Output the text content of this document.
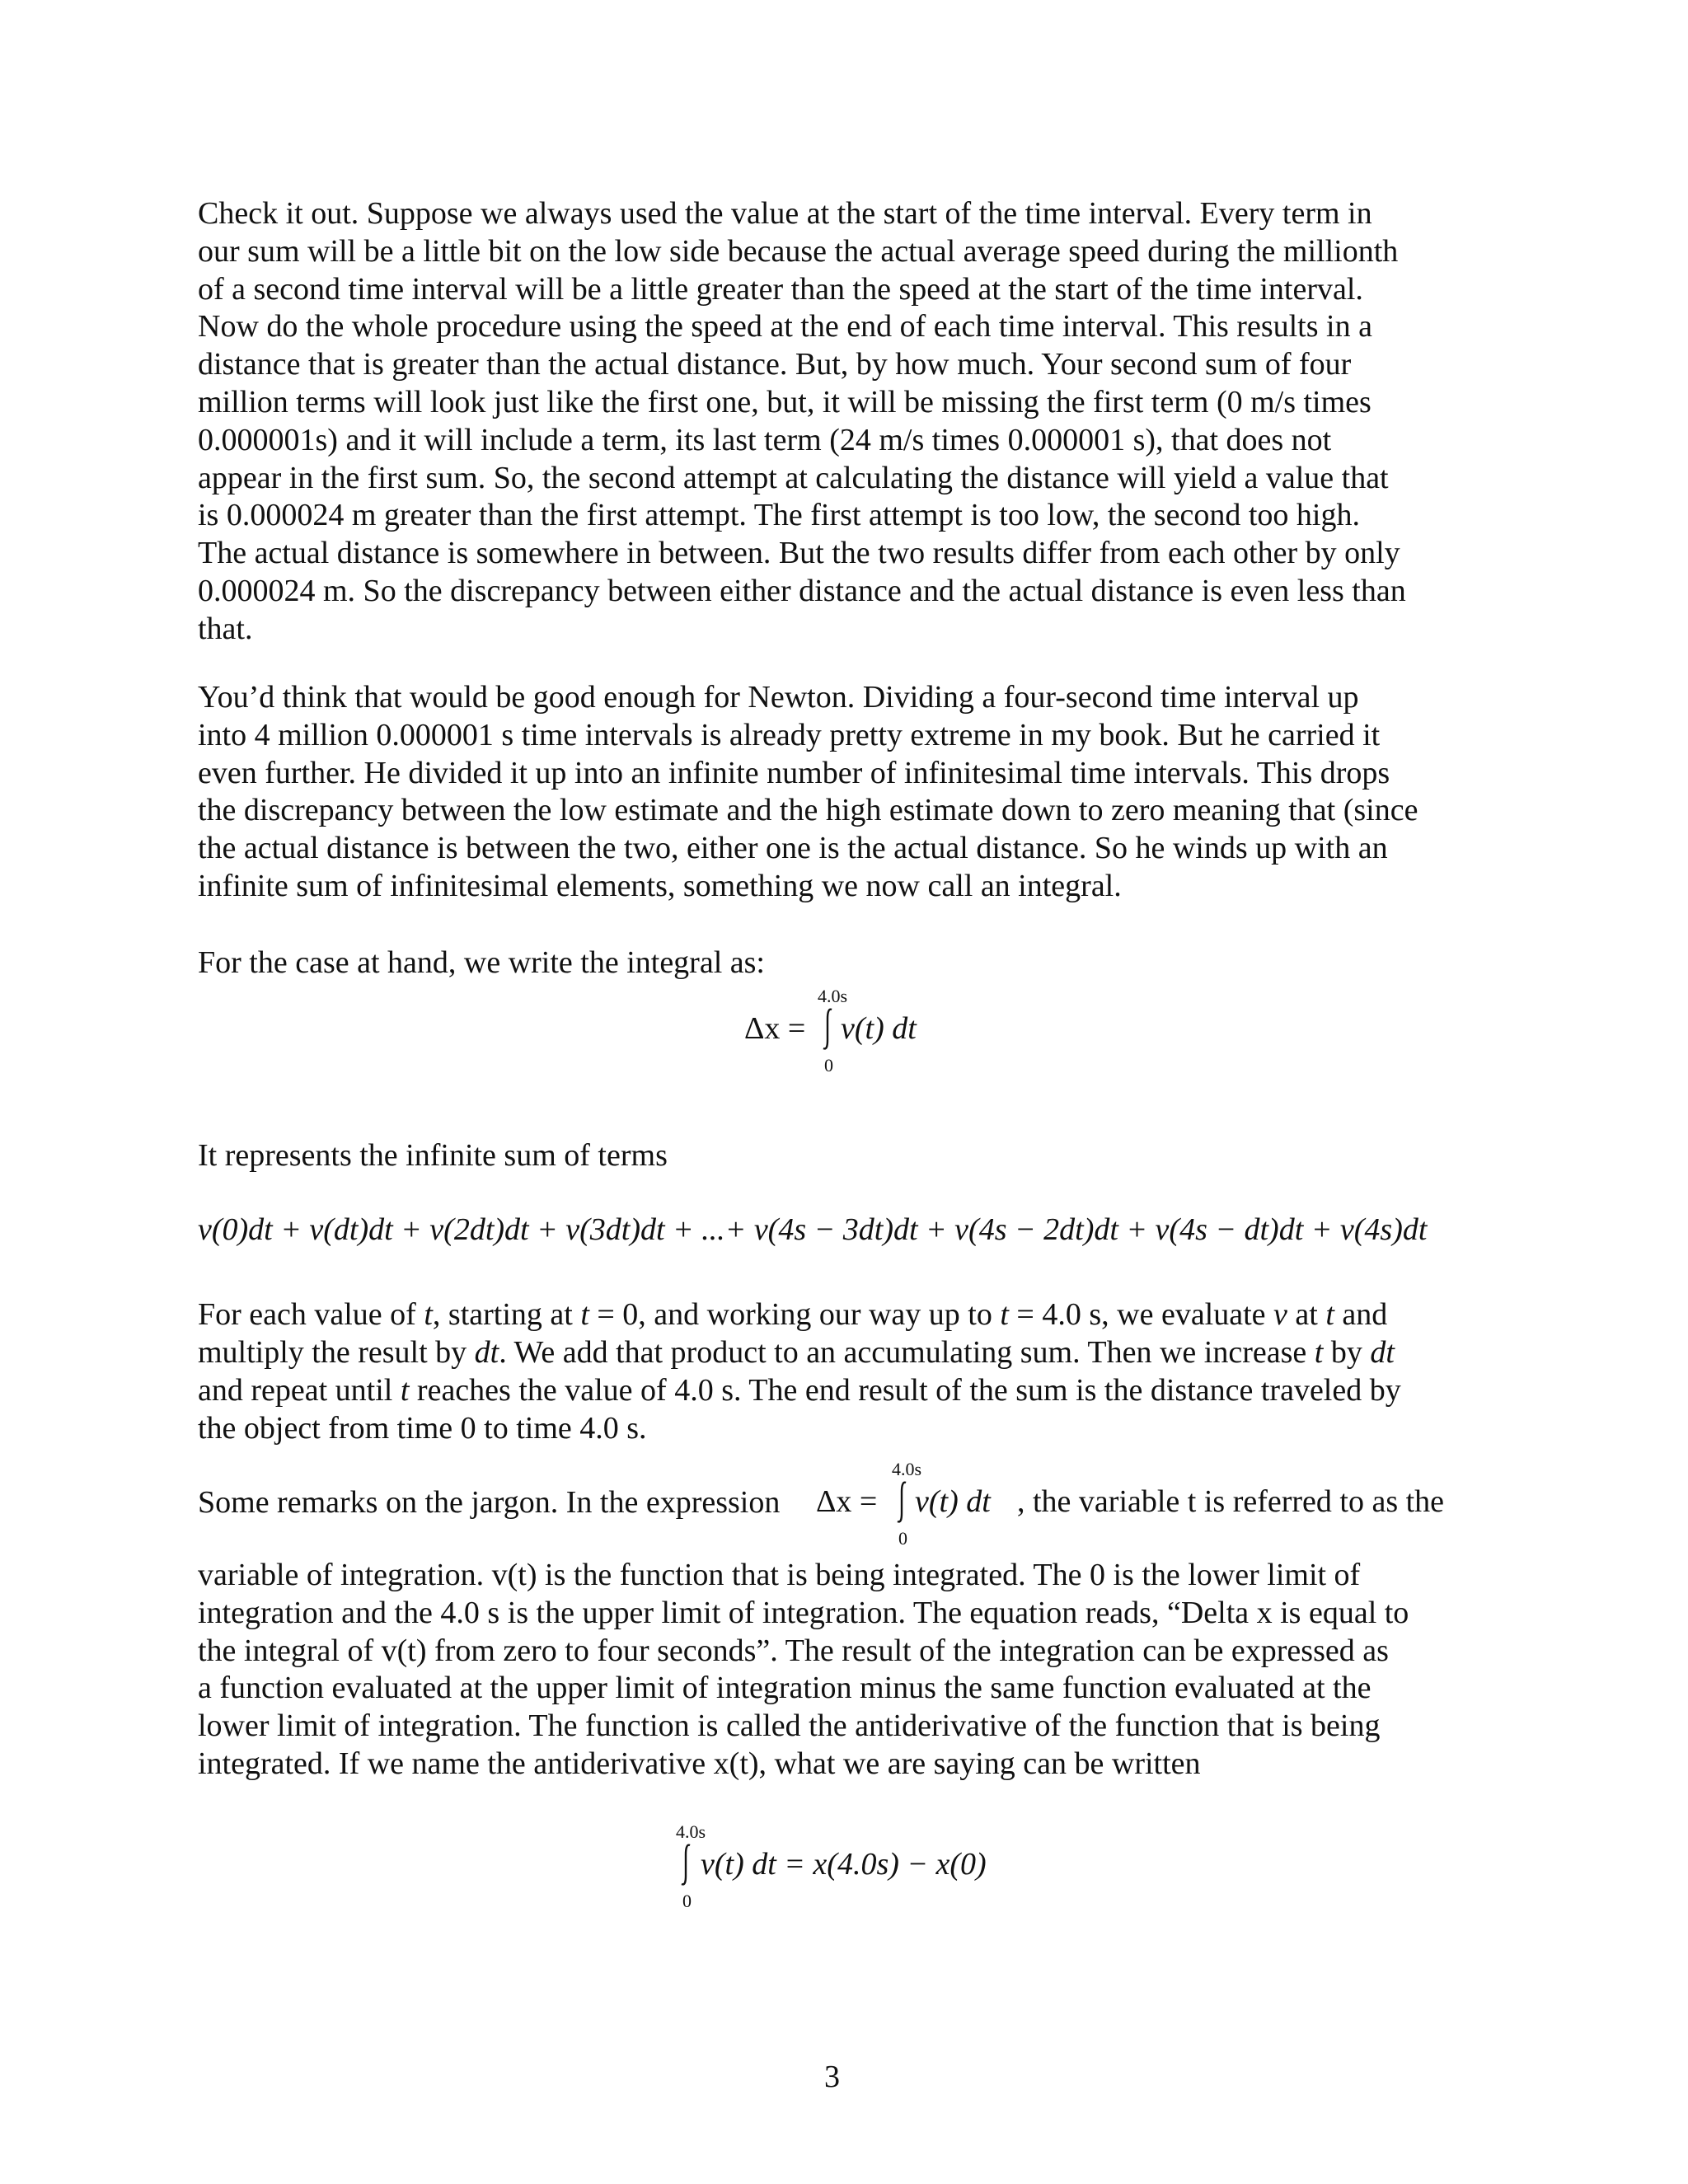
Check it out. Suppose we always used the value at the start of the time interval. Every term in
our sum will be a little bit on the low side because the actual average speed during the millionth
of a second time interval will be a little greater than the speed at the start of the time interval.
Now do the whole procedure using the speed at the end of each time interval. This results in a
distance that is greater than the actual distance. But, by how much. Your second sum of four
million terms will look just like the first one, but, it will be missing the first term (0 m/s times
0.000001s) and it will include a term, its last term (24 m/s times 0.000001 s), that does not
appear in the first sum. So, the second attempt at calculating the distance will yield a value that
is 0.000024 m greater than the first attempt. The first attempt is too low, the second too high.
The actual distance is somewhere in between. But the two results differ from each other by only
0.000024 m. So the discrepancy between either distance and the actual distance is even less than
that.

You’d think that would be good enough for Newton. Dividing a four-second time interval up
into 4 million 0.000001 s time intervals is already pretty extreme in my book. But he carried it
even further. He divided it up into an infinite number of infinitesimal time intervals. This drops
the discrepancy between the low estimate and the high estimate down to zero meaning that (since
the actual distance is between the two, either one is the actual distance. So he winds up with an
infinite sum of infinitesimal elements, something we now call an integral.

For the case at hand, we write the integral as:

Δx =
4.0s
0
v(t) dt

It represents the infinite sum of terms

v(0)dt + v(dt)dt + v(2dt)dt + v(3dt)dt + ...+ v(4s − 3dt)dt + v(4s − 2dt)dt + v(4s − dt)dt + v(4s)dt
For each value of t, starting at t = 0, and working our way up to t = 4.0 s, we evaluate v at t and
multiply the result by dt. We add that product to an accumulating sum. Then we increase t by dt
and repeat until t reaches the value of 4.0 s. The end result of the sum is the distance traveled by
the object from time 0 to time 4.0 s.
Some remarks on the jargon. In the expression Δx =
4.0s
0
v(t) dt , the variable t is referred to as the

variable of integration. v(t) is the function that is being integrated. The 0 is the lower limit of
integration and the 4.0 s is the upper limit of integration. The equation reads, “Delta x is equal to
the integral of v(t) from zero to four seconds”. The result of the integration can be expressed as
a function evaluated at the upper limit of integration minus the same function evaluated at the
lower limit of integration. The function is called the antiderivative of the function that is being
integrated. If we name the antiderivative x(t), what we are saying can be written

4.0s
0
v(t) dt = x(4.0s) − x(0)
3
